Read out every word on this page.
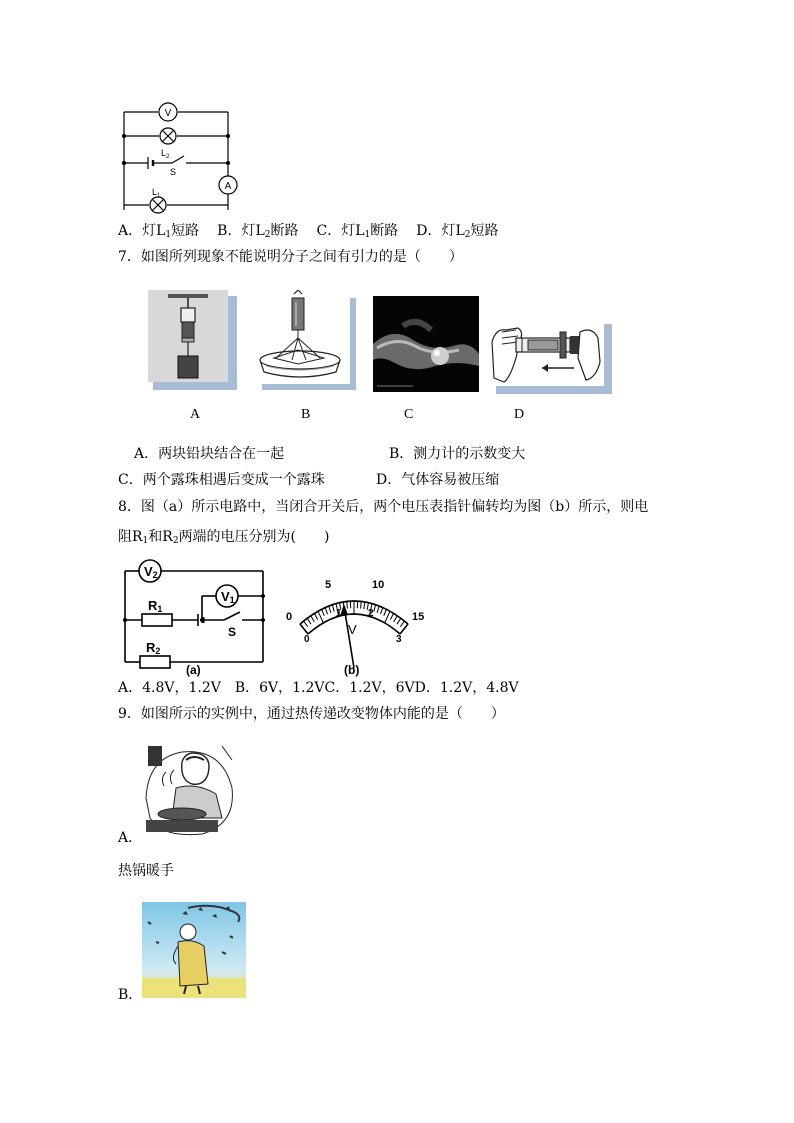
V
$L_2$
S
A
$L_1$
A．灯$L_1$短路 B．灯$L_2$断路 C．灯$L_1$断路 D．灯$L_2$短路
7．如图所列现象不能说明分子之间有引力的是（　　）
A	B	C	D
A．两块铅块结合在一起	B．测力计的示数变大
C．两个露珠相遇后变成一个露珠	D．气体容易被压缩
8．图（a）所示电路中，当闭合开关后，两个电压表指针偏转均为图（b）所示，则电
阻$R_1$和$R_2$两端的电压分别为(　　)
V2
V1
R1
R2
S
(a)
0
5	10
15
0
1	2
3
V
(b)
A．4.8V，1.2V　B．6V，1.2VC．1.2V，6VD．1.2V，4.8V
9．如图所示的实例中，通过热传递改变物体内能的是（　　）
A．
热锅暖手
B．
